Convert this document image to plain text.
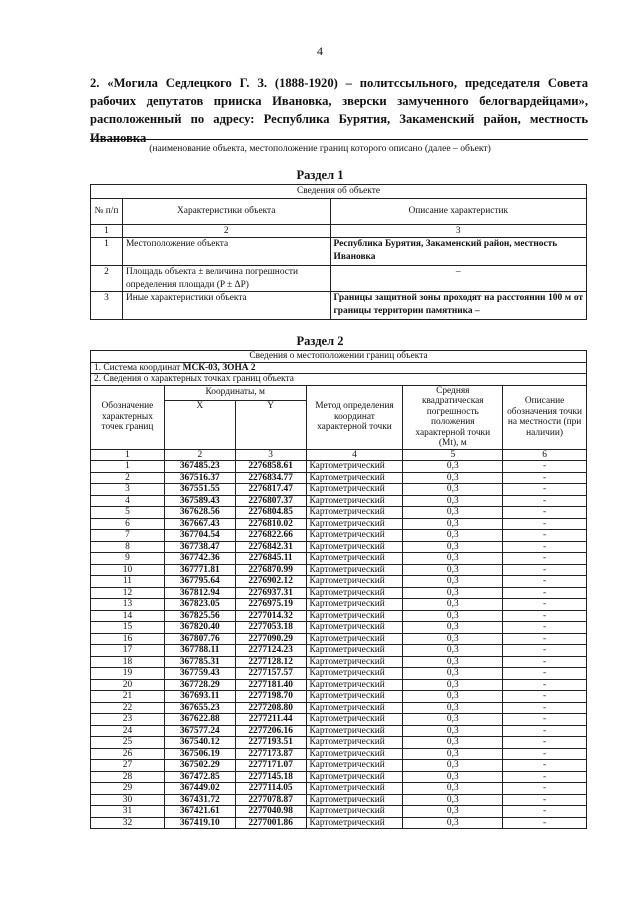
4
2. «Могила Седлецкого Г. З. (1888-1920) – политссыльного, председателя Совета рабочих депутатов прииска Ивановка, зверски замученного белогвардейцами», расположенный по адресу: Республика Бурятия, Закаменский район, местность Ивановка
(наименование объекта, местоположение границ которого описано (далее – объект)
Раздел 1
Сведения об объекте		
№ п/п	Характеристики объекта	Описание характеристик
1	2	3
1	Местоположение объекта	Республика Бурятия, Закаменский район, местность Ивановка
2	Площадь объекта ± величина погрешности определения площади (P ± ΔP)	–
3	Иные характеристики объекта	Границы защитной зоны проходят на расстоянии 100 м от границы территории памятника –
Раздел 2
Сведения о местоположении границ объекта					
1. Система координат МСК-03, ЗОНА 2					
2. Сведения о характерных точках границ объекта					
Обозначение характерных точек границ	Координаты, м		Метод определения координат характерной точки	Средняя квадратическая погрешность положения характерной точки (Mt), м	Описание обозначения точки на местности (при наличии)
	X	Y			
1	2	3	4	5	6
1	367485.23	2276858.61	Картометрический	0,3	-
2	367516.37	2276834.77	Картометрический	0,3	-
3	367551.55	2276817.47	Картометрический	0,3	-
4	367589.43	2276807.37	Картометрический	0,3	-
5	367628.56	2276804.85	Картометрический	0,3	-
6	367667.43	2276810.02	Картометрический	0,3	-
7	367704.54	2276822.66	Картометрический	0,3	-
8	367738.47	2276842.31	Картометрический	0,3	-
9	367742.36	2276845.11	Картометрический	0,3	-
10	367771.81	2276870.99	Картометрический	0,3	-
11	367795.64	2276902.12	Картометрический	0,3	-
12	367812.94	2276937.31	Картометрический	0,3	-
13	367823.05	2276975.19	Картометрический	0,3	-
14	367825.56	2277014.32	Картометрический	0,3	-
15	367820.40	2277053.18	Картометрический	0,3	-
16	367807.76	2277090.29	Картометрический	0,3	-
17	367788.11	2277124.23	Картометрический	0,3	-
18	367785.31	2277128.12	Картометрический	0,3	-
19	367759.43	2277157.57	Картометрический	0,3	-
20	367728.29	2277181.40	Картометрический	0,3	-
21	367693.11	2277198.70	Картометрический	0,3	-
22	367655.23	2277208.80	Картометрический	0,3	-
23	367622.88	2277211.44	Картометрический	0,3	-
24	367577.24	2277206.16	Картометрический	0,3	-
25	367540.12	2277193.51	Картометрический	0,3	-
26	367506.19	2277173.87	Картометрический	0,3	-
27	367502.29	2277171.07	Картометрический	0,3	-
28	367472.85	2277145.18	Картометрический	0,3	-
29	367449.02	2277114.05	Картометрический	0,3	-
30	367431.72	2277078.87	Картометрический	0,3	-
31	367421.61	2277040.98	Картометрический	0,3	-
32	367419.10	2277001.86	Картометрический	0,3	-
